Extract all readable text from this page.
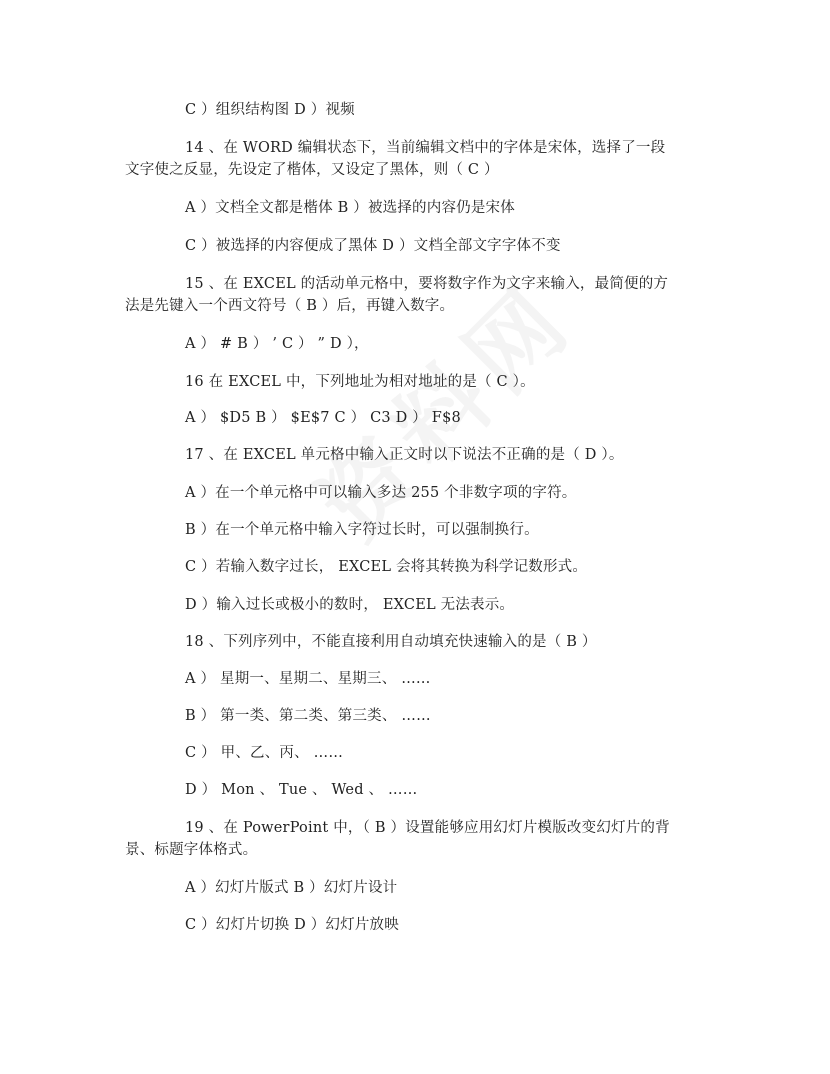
C ）组织结构图 D ）视频
14 、在 WORD 编辑状态下，当前编辑文档中的字体是宋体，选择了一段
文字使之反显，先设定了楷体，又设定了黑体，则（ C ）
A ）文档全文都是楷体 B ）被选择的内容仍是宋体
C ）被选择的内容便成了黑体 D ）文档全部文字字体不变
15 、在 EXCEL 的活动单元格中，要将数字作为文字来输入，最简便的方
法是先键入一个西文符号（ B ）后，再键入数字。
A ） # B ） ’ C ） ” D ），
16 在 EXCEL 中，下列地址为相对地址的是（ C ）。
A ） $D5 B ） $E$7 C ） C3 D ） F$8
17 、在 EXCEL 单元格中输入正文时以下说法不正确的是（ D ）。
A ）在一个单元格中可以输入多达 255 个非数字项的字符。
B ）在一个单元格中输入字符过长时，可以强制换行。
C ）若输入数字过长， EXCEL 会将其转换为科学记数形式。
D ）输入过长或极小的数时， EXCEL 无法表示。
18 、下列序列中，不能直接利用自动填充快速输入的是（ B ）
A ） 星期一、星期二、星期三、 ……
B ） 第一类、第二类、第三类、 ……
C ） 甲、乙、丙、 ……
D ） Mon 、 Tue 、 Wed 、 ……
19 、在 PowerPoint 中，（ B ）设置能够应用幻灯片模版改变幻灯片的背
景、标题字体格式。
A ）幻灯片版式 B ）幻灯片设计
C ）幻灯片切换 D ）幻灯片放映
